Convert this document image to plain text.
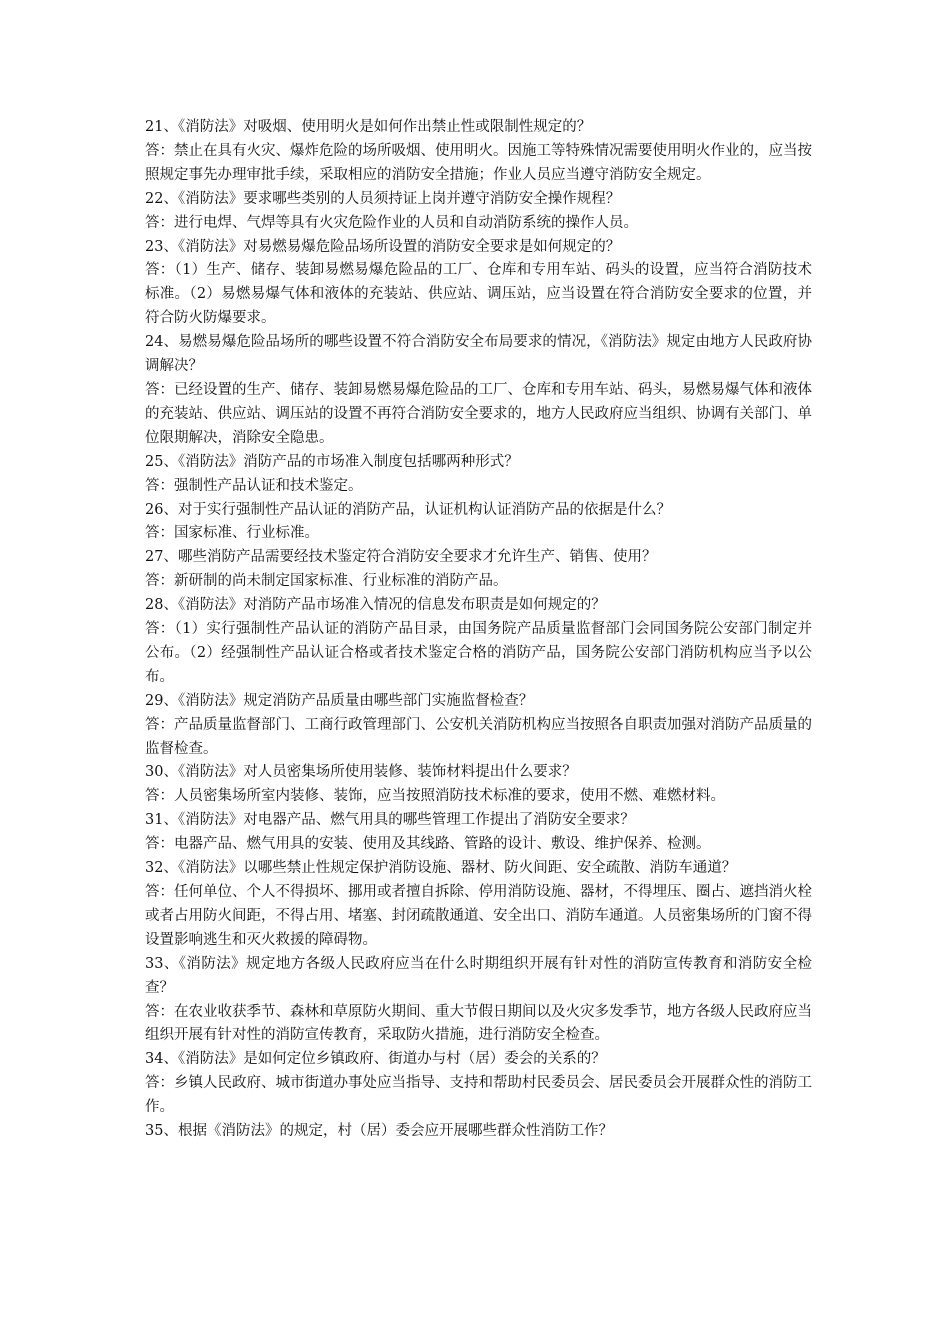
21、《消防法》对吸烟、使用明火是如何作出禁止性或限制性规定的？

答：禁止在具有火灾、爆炸危险的场所吸烟、使用明火。因施工等特殊情况需要使用明火作业的，应当按照规定事先办理审批手续，采取相应的消防安全措施；作业人员应当遵守消防安全规定。

22、《消防法》要求哪些类别的人员须持证上岗并遵守消防安全操作规程？

答：进行电焊、气焊等具有火灾危险作业的人员和自动消防系统的操作人员。

23、《消防法》对易燃易爆危险品场所设置的消防安全要求是如何规定的？

答：（1）生产、储存、装卸易燃易爆危险品的工厂、仓库和专用车站、码头的设置，应当符合消防技术标准。（2）易燃易爆气体和液体的充装站、供应站、调压站，应当设置在符合消防安全要求的位置，并符合防火防爆要求。

24、易燃易爆危险品场所的哪些设置不符合消防安全布局要求的情况，《消防法》规定由地方人民政府协调解决？

答：已经设置的生产、储存、装卸易燃易爆危险品的工厂、仓库和专用车站、码头，易燃易爆气体和液体的充装站、供应站、调压站的设置不再符合消防安全要求的，地方人民政府应当组织、协调有关部门、单位限期解决，消除安全隐患。

25、《消防法》消防产品的市场准入制度包括哪两种形式？

答：强制性产品认证和技术鉴定。

26、对于实行强制性产品认证的消防产品，认证机构认证消防产品的依据是什么？

答：国家标准、行业标准。

27、哪些消防产品需要经技术鉴定符合消防安全要求才允许生产、销售、使用？

答：新研制的尚未制定国家标准、行业标准的消防产品。

28、《消防法》对消防产品市场准入情况的信息发布职责是如何规定的？

答：（1）实行强制性产品认证的消防产品目录，由国务院产品质量监督部门会同国务院公安部门制定并公布。（2）经强制性产品认证合格或者技术鉴定合格的消防产品，国务院公安部门消防机构应当予以公布。

29、《消防法》规定消防产品质量由哪些部门实施监督检查？

答：产品质量监督部门、工商行政管理部门、公安机关消防机构应当按照各自职责加强对消防产品质量的监督检查。

30、《消防法》对人员密集场所使用装修、装饰材料提出什么要求？

答：人员密集场所室内装修、装饰，应当按照消防技术标准的要求，使用不燃、难燃材料。

31、《消防法》对电器产品、燃气用具的哪些管理工作提出了消防安全要求？

答：电器产品、燃气用具的安装、使用及其线路、管路的设计、敷设、维护保养、检测。

32、《消防法》以哪些禁止性规定保护消防设施、器材、防火间距、安全疏散、消防车通道？

答：任何单位、个人不得损坏、挪用或者擅自拆除、停用消防设施、器材，不得埋压、圈占、遮挡消火栓或者占用防火间距，不得占用、堵塞、封闭疏散通道、安全出口、消防车通道。人员密集场所的门窗不得设置影响逃生和灭火救援的障碍物。

33、《消防法》规定地方各级人民政府应当在什么时期组织开展有针对性的消防宣传教育和消防安全检查？

答：在农业收获季节、森林和草原防火期间、重大节假日期间以及火灾多发季节，地方各级人民政府应当组织开展有针对性的消防宣传教育，采取防火措施，进行消防安全检查。

34、《消防法》是如何定位乡镇政府、街道办与村（居）委会的关系的？

答：乡镇人民政府、城市街道办事处应当指导、支持和帮助村民委员会、居民委员会开展群众性的消防工作。

35、根据《消防法》的规定，村（居）委会应开展哪些群众性消防工作？
